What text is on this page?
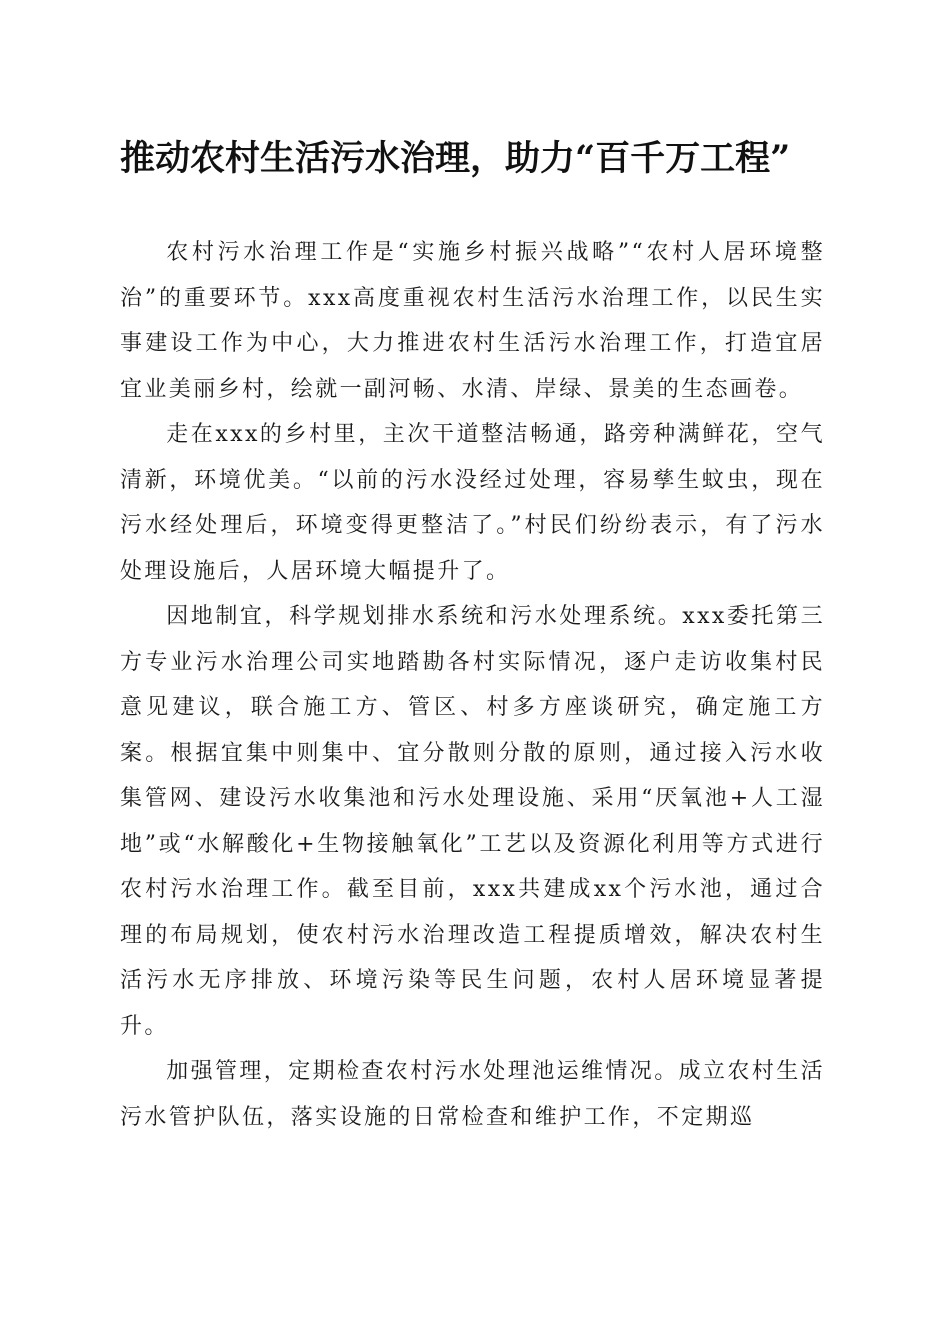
推动农村生活污水治理，助力“百千万工程”

农村污水治理工作是“实施乡村振兴战略”“农村人居环境整治”的重要环节。xxx高度重视农村生活污水治理工作，以民生实事建设工作为中心，大力推进农村生活污水治理工作，打造宜居宜业美丽乡村，绘就一副河畅、水清、岸绿、景美的生态画卷。

走在xxx的乡村里，主次干道整洁畅通，路旁种满鲜花，空气清新，环境优美。“以前的污水没经过处理，容易孳生蚊虫，现在污水经处理后，环境变得更整洁了。”村民们纷纷表示，有了污水处理设施后，人居环境大幅提升了。

因地制宜，科学规划排水系统和污水处理系统。xxx委托第三方专业污水治理公司实地踏勘各村实际情况，逐户走访收集村民意见建议，联合施工方、管区、村多方座谈研究，确定施工方案。根据宜集中则集中、宜分散则分散的原则，通过接入污水收集管网、建设污水收集池和污水处理设施、采用“厌氧池+人工湿地”或“水解酸化+生物接触氧化”工艺以及资源化利用等方式进行农村污水治理工作。截至目前，xxx共建成xx个污水池，通过合理的布局规划，使农村污水治理改造工程提质增效，解决农村生活污水无序排放、环境污染等民生问题，农村人居环境显著提升。

加强管理，定期检查农村污水处理池运维情况。成立农村生活污水管护队伍，落实设施的日常检查和维护工作，不定期巡
